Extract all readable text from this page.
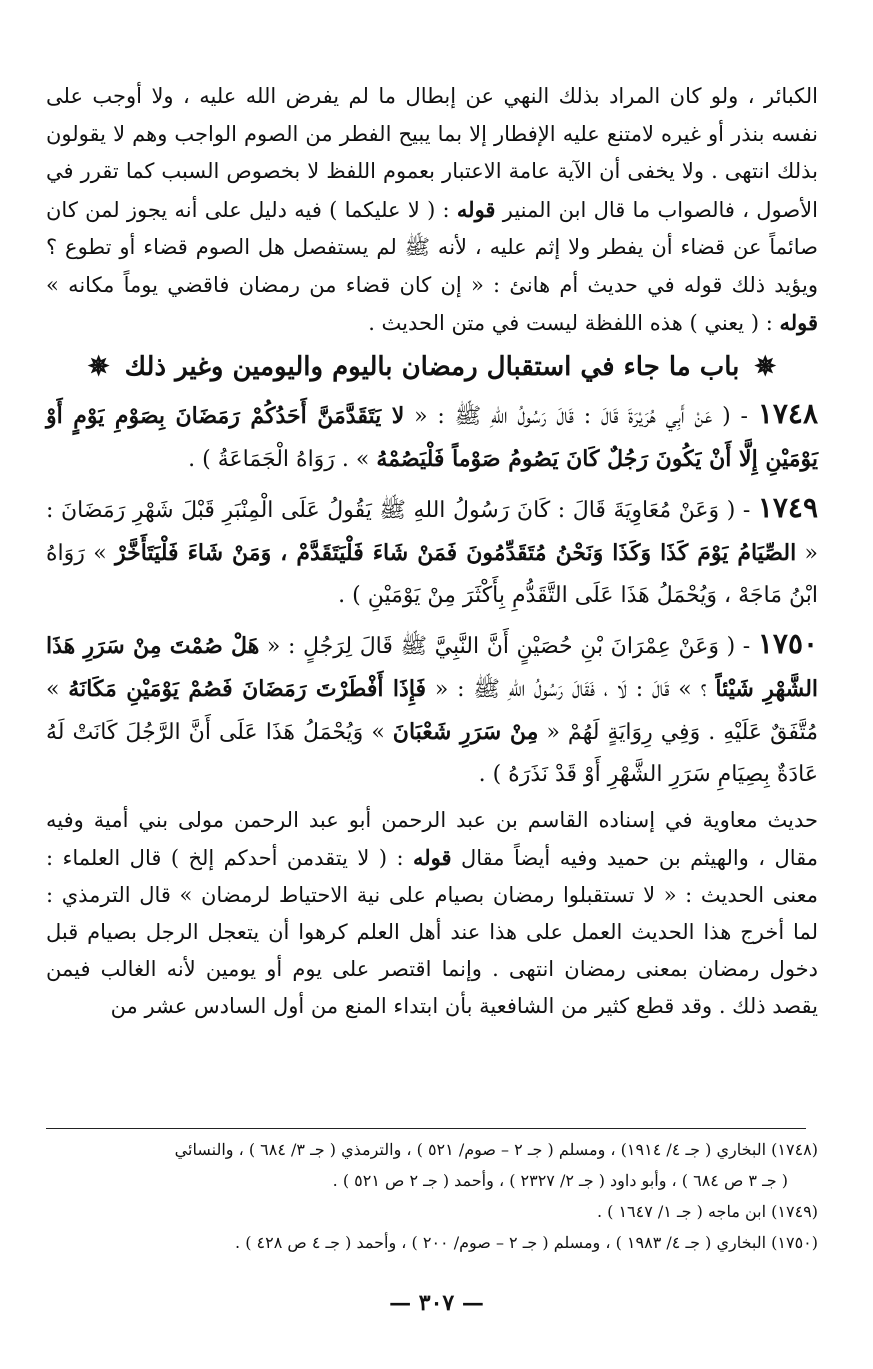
الكبائر ، ولو كان المراد بذلك النهي عن إبطال ما لم يفرض الله عليه ، ولا أوجب على نفسه بنذر أو غيره لامتنع عليه الإفطار إلا بما يبيح الفطر من الصوم الواجب وهم لا يقولون بذلك انتهى . ولا يخفى أن الآية عامة الاعتبار بعموم اللفظ لا بخصوص السبب كما تقرر في الأصول ، فالصواب ما قال ابن المنير قوله : ( لا عليكما ) فيه دليل على أنه يجوز لمن كان صائماً عن قضاء أن يفطر ولا إثم عليه ، لأنه ﷺ لم يستفصل هل الصوم قضاء أو تطوع ؟ ويؤيد ذلك قوله في حديث أم هانئ : « إن كان قضاء من رمضان فاقضي يوماً مكانه » قوله : ( يعني ) هذه اللفظة ليست في متن الحديث .

✵ باب ما جاء في استقبال رمضان باليوم واليومين وغير ذلك ✵

١٧٤٨ - ( عَنْ أَبِي هُرَيْرَةَ قَالَ : قَالَ رَسُولُ اللهِ ﷺ : « لا يَتَقَدَّمَنَّ أَحَدُكُمْ رَمَضَانَ بِصَوْمِ يَوْمٍ أَوْ يَوْمَيْنِ إِلَّا أَنْ يَكُونَ رَجُلٌ كَانَ يَصُومُ صَوْماً فَلْيَصُمْهُ » . رَوَاهُ الْجَمَاعَةُ ) .

١٧٤٩ - ( وَعَنْ مُعَاوِيَةَ قَالَ : كَانَ رَسُولُ اللهِ ﷺ يَقُولُ عَلَى الْمِنْبَرِ قَبْلَ شَهْرِ رَمَضَانَ : « الصِّيَامُ يَوْمَ كَذَا وَكَذَا وَنَحْنُ مُتَقَدِّمُونَ فَمَنْ شَاءَ فَلْيَتَقَدَّمْ ، وَمَنْ شَاءَ فَلْيَتَأَخَّرْ » رَوَاهُ ابْنُ مَاجَهْ ، وَيُحْمَلُ هَذَا عَلَى التَّقَدُّمِ بِأَكْثَرَ مِنْ يَوْمَيْنِ ) .

١٧٥٠ - ( وَعَنْ عِمْرَانَ بْنِ حُصَيْنٍ أَنَّ النَّبِيَّ ﷺ قَالَ لِرَجُلٍ : « هَلْ صُمْتَ مِنْ سَرَرِ هَذَا الشَّهْرِ شَيْئاً ؟ » قَالَ : لَا ، فَقَالَ رَسُولُ اللهِ ﷺ : « فَإِذَا أَفْطَرْتَ رَمَضَانَ فَصُمْ يَوْمَيْنِ مَكَانَهُ » مُتَّفَقٌ عَلَيْهِ . وَفِي رِوَايَةٍ لَهُمْ « مِنْ سَرَرِ شَعْبَانَ » وَيُحْمَلُ هَذَا عَلَى أَنَّ الرَّجُلَ كَانَتْ لَهُ عَادَةٌ بِصِيَامِ سَرَرِ الشَّهْرِ أَوْ قَدْ نَذَرَهُ ) .

حديث معاوية في إسناده القاسم بن عبد الرحمن أبو عبد الرحمن مولى بني أمية وفيه مقال ، والهيثم بن حميد وفيه أيضاً مقال قوله : ( لا يتقدمن أحدكم إلخ ) قال العلماء : معنى الحديث : « لا تستقبلوا رمضان بصيام على نية الاحتياط لرمضان » قال الترمذي : لما أخرج هذا الحديث العمل على هذا عند أهل العلم كرهوا أن يتعجل الرجل بصيام قبل دخول رمضان بمعنى رمضان انتهى . وإنما اقتصر على يوم أو يومين لأنه الغالب فيمن يقصد ذلك . وقد قطع كثير من الشافعية بأن ابتداء المنع من أول السادس عشر من

(١٧٤٨) البخاري ( جـ ٤/ ١٩١٤) ، ومسلم ( جـ ٢ – صوم/ ٥٢١ ) ، والترمذي ( جـ ٣/ ٦٨٤ ) ، والنسائي

( جـ ٣ ص ٦٨٤ ) ، وأبو داود ( جـ ٢/ ٢٣٢٧ ) ، وأحمد ( جـ ٢ ص ٥٢١ ) .

(١٧٤٩) ابن ماجه ( جـ ١/ ١٦٤٧ ) .

(١٧٥٠) البخاري ( جـ ٤/ ١٩٨٣ ) ، ومسلم ( جـ ٢ – صوم/ ٢٠٠ ) ، وأحمد ( جـ ٤ ص ٤٢٨ ) .

— ٣٠٧ —
